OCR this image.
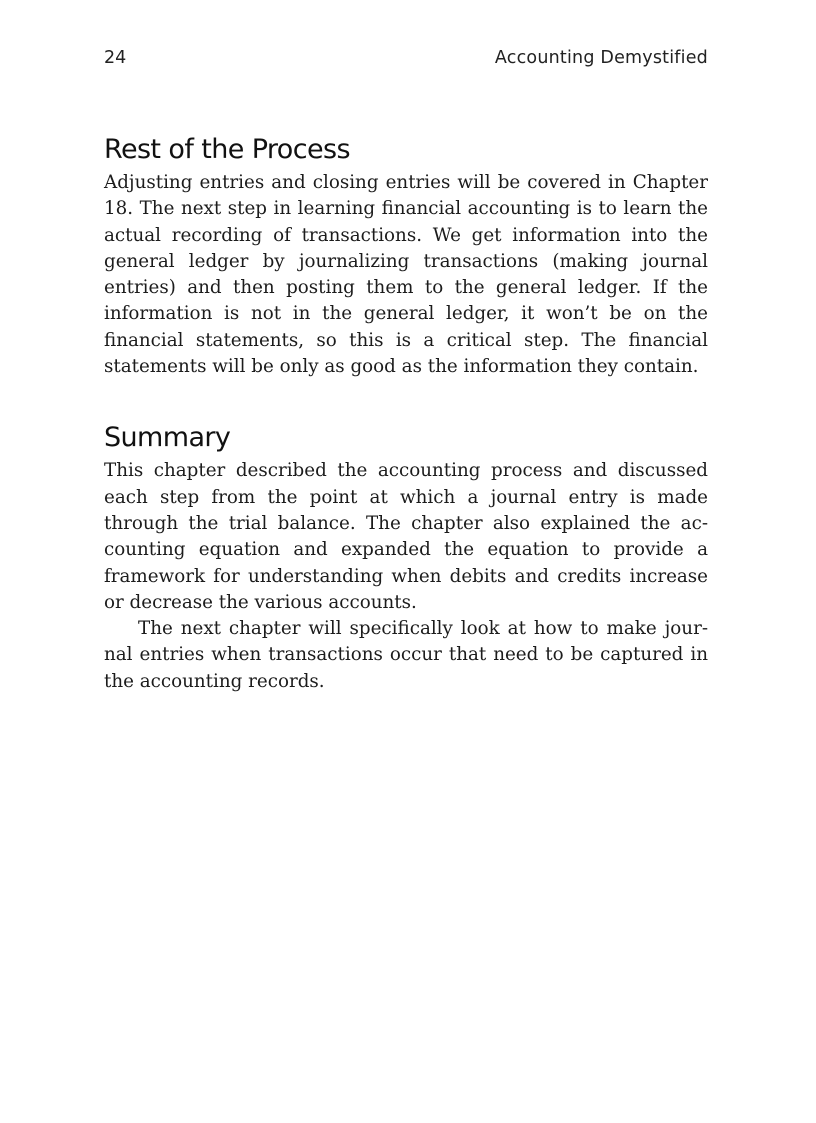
24	Accounting Demystified
Rest of the Process

Adjusting entries and closing entries will be covered in Chapter 18. The next step in learning financial accounting is to learn the actual recording of transactions. We get information into the general ledger by journalizing transactions (making journal entries) and then posting them to the general ledger. If the information is not in the general ledger, it won’t be on the financial statements, so this is a critical step. The financial statements will be only as good as the information they contain.

Summary

This chapter described the accounting process and discussed each step from the point at which a journal entry is made through the trial balance. The chapter also explained the accounting equation and expanded the equation to provide a framework for understanding when debits and credits increase or decrease the various accounts.

The next chapter will specifically look at how to make journal entries when transactions occur that need to be captured in the accounting records.
